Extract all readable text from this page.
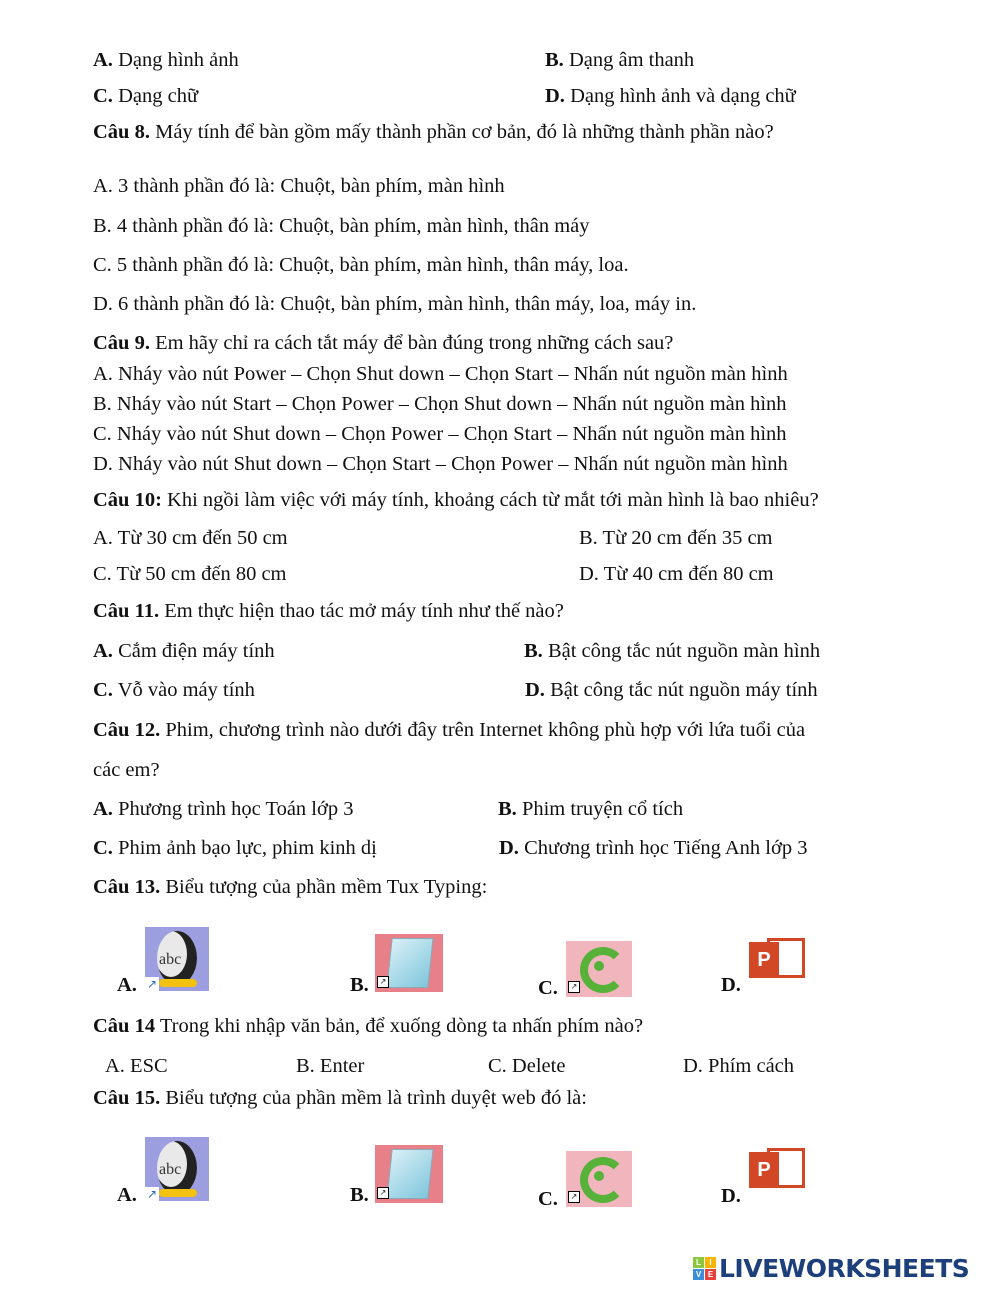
A. Dạng hình ảnh	B. Dạng âm thanh
C. Dạng chữ	D. Dạng hình ảnh và dạng chữ
Câu 8. Máy tính để bàn gồm mấy thành phần cơ bản, đó là những thành phần nào?
A. 3 thành phần đó là: Chuột, bàn phím, màn hình
B. 4 thành phần đó là: Chuột, bàn phím, màn hình, thân máy
C. 5 thành phần đó là: Chuột, bàn phím, màn hình, thân máy, loa.
D. 6 thành phần đó là: Chuột, bàn phím, màn hình, thân máy, loa, máy in.
Câu 9. Em hãy chỉ ra cách tắt máy để bàn đúng trong những cách sau?
A. Nháy vào nút Power – Chọn Shut down – Chọn Start – Nhấn nút nguồn màn hình
B. Nháy vào nút Start – Chọn Power – Chọn Shut down – Nhấn nút nguồn màn hình
C. Nháy vào nút Shut down – Chọn Power – Chọn Start – Nhấn nút nguồn màn hình
D. Nháy vào nút Shut down – Chọn Start – Chọn Power – Nhấn nút nguồn màn hình
Câu 10: Khi ngồi làm việc với máy tính, khoảng cách từ mắt tới màn hình là bao nhiêu?
A. Từ 30 cm đến 50 cm	B. Từ 20 cm đến 35 cm
C. Từ 50 cm đến 80 cm	D. Từ 40 cm đến 80 cm
Câu 11. Em thực hiện thao tác mở máy tính như thế nào?
A. Cắm điện máy tính	B. Bật công tắc nút nguồn màn hình
C. Vỗ vào máy tính	D. Bật công tắc nút nguồn máy tính
Câu 12. Phim, chương trình nào dưới đây trên Internet không phù hợp với lứa tuổi của
các em?
A. Phương trình học Toán lớp 3	B. Phim truyện cổ tích
C. Phim ảnh bạo lực, phim kinh dị	D. Chương trình học Tiếng Anh lớp 3
Câu 13. Biểu tượng của phần mềm Tux Typing:
A.
abc
↗	B.	↗	C.	↗	D.
P
Câu 14 Trong khi nhập văn bản, để xuống dòng ta nhấn phím nào?
A. ESC	B. Enter	C. Delete	D. Phím cách
Câu 15. Biểu tượng của phần mềm là trình duyệt web đó là:
A.
abc
↗	B.	↗	C.	↗	D.
P
L	I
V E LIVEWORKSHEETS
